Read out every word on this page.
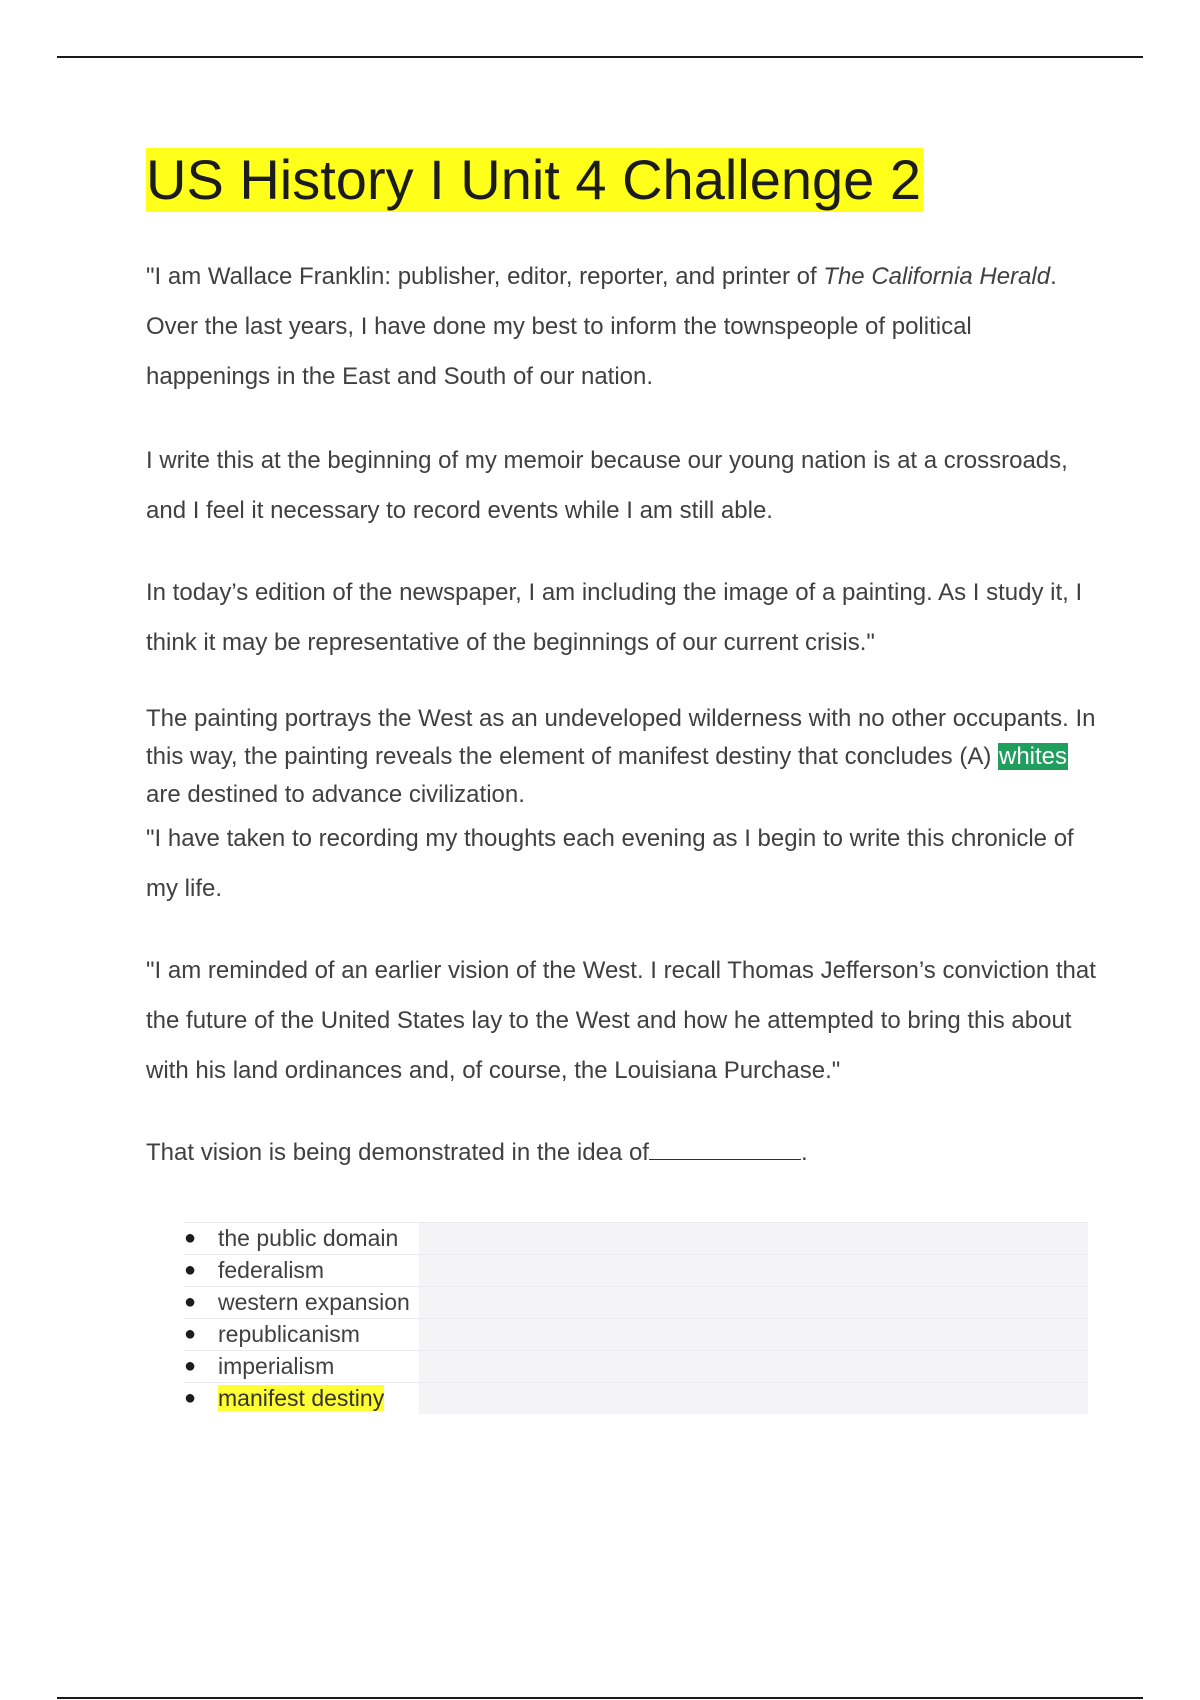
US History I Unit 4 Challenge 2

"I am Wallace Franklin: publisher, editor, reporter, and printer of The California Herald. Over the last years, I have done my best to inform the townspeople of political happenings in the East and South of our nation.

I write this at the beginning of my memoir because our young nation is at a crossroads, and I feel it necessary to record events while I am still able.

In today’s edition of the newspaper, I am including the image of a painting. As I study it, I think it may be representative of the beginnings of our current crisis."

The painting portrays the West as an undeveloped wilderness with no other occupants. In this way, the painting reveals the element of manifest destiny that concludes (A) whites are destined to advance civilization.

"I have taken to recording my thoughts each evening as I begin to write this chronicle of my life.

"I am reminded of an earlier vision of the West. I recall Thomas Jefferson’s conviction that the future of the United States lay to the West and how he attempted to bring this about with his land ordinances and, of course, the Louisiana Purchase."

That vision is being demonstrated in the idea of	.

● the public domain
● federalism
● western expansion
● republicanism
● imperialism
● manifest destiny
